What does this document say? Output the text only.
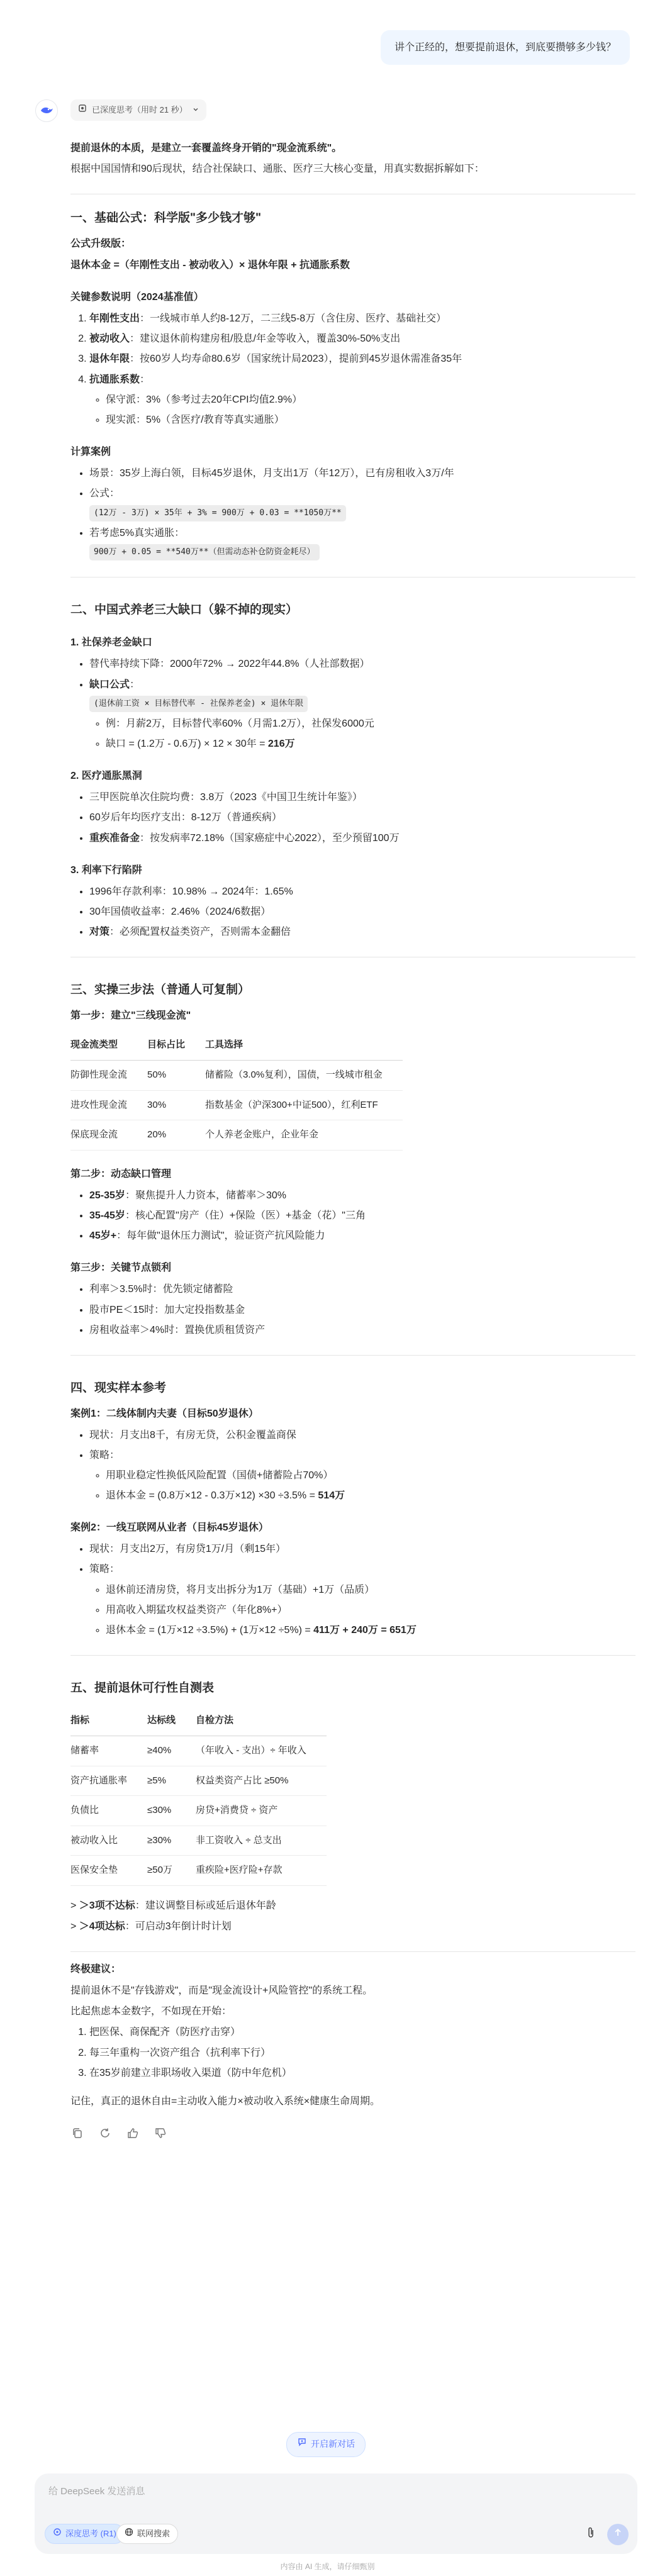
讲个正经的，想要提前退休，到底要攒够多少钱？
已深度思考（用时 21 秒）

提前退休的本质，是建立一套覆盖终身开销的"现金流系统"。

根据中国国情和90后现状，结合社保缺口、通胀、医疗三大核心变量，用真实数据拆解如下：

一、基础公式：科学版"多少钱才够"
公式升级版：

退休本金 =（年刚性支出 - 被动收入）× 退休年限 + 抗通胀系数

关键参数说明（2024基准值）
1. 年刚性支出：一线城市单人约8-12万，二三线5-8万（含住房、医疗、基础社交）
2. 被动收入：建议退休前构建房租/股息/年金等收入，覆盖30%-50%支出
3. 退休年限：按60岁人均寿命80.6岁（国家统计局2023），提前到45岁退休需准备35年
4. 抗通胀系数：
◦ 保守派：3%（参考过去20年CPI均值2.9%）
◦ 现实派：5%（含医疗/教育等真实通胀）
计算案例
• 场景：35岁上海白领，目标45岁退休，月支出1万（年12万），已有房租收入3万/年
• 公式：
(12万 - 3万) × 35年 + 3% = 900万 + 0.03 = **1050万**
• 若考虑5%真实通胀：
900万 + 0.05 = **540万**（但需动态补仓防资金耗尽）
二、中国式养老三大缺口（躲不掉的现实）
1. 社保养老金缺口
• 替代率持续下降：2000年72% → 2022年44.8%（人社部数据）
• 缺口公式：
(退休前工资 × 目标替代率 - 社保养老金) × 退休年限
◦ 例：月薪2万，目标替代率60%（月需1.2万），社保发6000元
◦ 缺口 = (1.2万 - 0.6万) × 12 × 30年 = 216万
2. 医疗通胀黑洞
• 三甲医院单次住院均费：3.8万（2023《中国卫生统计年鉴》）
• 60岁后年均医疗支出：8-12万（普通疾病）
• 重疾准备金：按发病率72.18%（国家癌症中心2022），至少预留100万
3. 利率下行陷阱
• 1996年存款利率：10.98% → 2024年：1.65%
• 30年国债收益率：2.46%（2024/6数据）
• 对策：必须配置权益类资产，否则需本金翻倍
三、实操三步法（普通人可复制）
第一步：建立"三线现金流"
现金流类型	目标占比	工具选择
防御性现金流	50%	储蓄险（3.0%复利），国债，一线城市租金
进攻性现金流	30%	指数基金（沪深300+中证500），红利ETF
保底现金流	20%	个人养老金账户，企业年金
第二步：动态缺口管理
• 25-35岁：聚焦提升人力资本，储蓄率＞30%
• 35-45岁：核心配置"房产（住）+保险（医）+基金（花）"三角
• 45岁+：每年做"退休压力测试"，验证资产抗风险能力
第三步：关键节点锁利
• 利率＞3.5%时：优先锁定储蓄险
• 股市PE＜15时：加大定投指数基金
• 房租收益率＞4%时：置换优质租赁资产
四、现实样本参考
案例1：二线体制内夫妻（目标50岁退休）
• 现状：月支出8千，有房无贷，公积金覆盖商保
• 策略：
◦ 用职业稳定性换低风险配置（国债+储蓄险占70%）
◦ 退休本金 = (0.8万×12 - 0.3万×12) ×30 ÷3.5% = 514万
案例2：一线互联网从业者（目标45岁退休）
• 现状：月支出2万，有房贷1万/月（剩15年）
• 策略：
◦ 退休前还清房贷，将月支出拆分为1万（基础）+1万（品质）
◦ 用高收入期猛攻权益类资产（年化8%+）
◦ 退休本金 = (1万×12 ÷3.5%) + (1万×12 ÷5%) = 411万 + 240万 = 651万
五、提前退休可行性自测表
指标	达标线	自检方法
储蓄率	≥40%	（年收入 - 支出）÷ 年收入
资产抗通胀率	≥5%	权益类资产占比 ≥50%
负债比	≤30%	房贷+消费贷 ÷ 资产
被动收入比	≥30%	非工资收入 ÷ 总支出
医保安全垫	≥50万	重疾险+医疗险+存款

> ＞3项不达标：建议调整目标或延后退休年龄

> ＞4项达标：可启动3年倒计时计划

终极建议：

提前退休不是"存钱游戏"，而是"现金流设计+风险管控"的系统工程。

比起焦虑本金数字，不如现在开始：

1. 把医保、商保配齐（防医疗击穿）
2. 每三年重构一次资产组合（抗利率下行）
3. 在35岁前建立非职场收入渠道（防中年危机）

记住，真正的退休自由=主动收入能力×被动收入系统×健康生命周期。

开启新对话
给 DeepSeek 发送消息
深度思考 (R1)	联网搜索
内容由 AI 生成，请仔细甄别
